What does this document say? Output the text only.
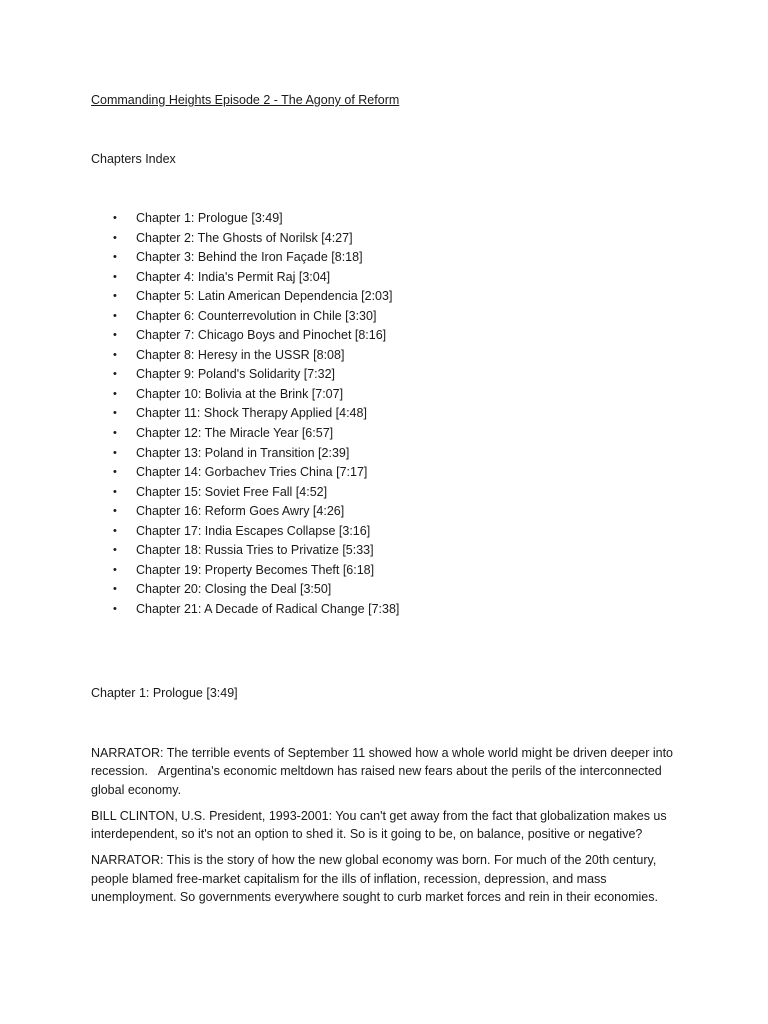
Commanding Heights Episode 2 - The Agony of Reform
Chapters Index
• Chapter 1: Prologue [3:49]
• Chapter 2: The Ghosts of Norilsk [4:27]
• Chapter 3: Behind the Iron Façade [8:18]
• Chapter 4: India's Permit Raj [3:04]
• Chapter 5: Latin American Dependencia [2:03]
• Chapter 6: Counterrevolution in Chile [3:30]
• Chapter 7: Chicago Boys and Pinochet [8:16]
• Chapter 8: Heresy in the USSR [8:08]
• Chapter 9: Poland's Solidarity [7:32]
• Chapter 10: Bolivia at the Brink [7:07]
• Chapter 11: Shock Therapy Applied [4:48]
• Chapter 12: The Miracle Year [6:57]
• Chapter 13: Poland in Transition [2:39]
• Chapter 14: Gorbachev Tries China [7:17]
• Chapter 15: Soviet Free Fall [4:52]
• Chapter 16: Reform Goes Awry [4:26]
• Chapter 17: India Escapes Collapse [3:16]
• Chapter 18: Russia Tries to Privatize [5:33]
• Chapter 19: Property Becomes Theft [6:18]
• Chapter 20: Closing the Deal [3:50]
• Chapter 21: A Decade of Radical Change [7:38]
Chapter 1: Prologue [3:49]

NARRATOR: The terrible events of September 11 showed how a whole world might be driven deeper into recession.   Argentina's economic meltdown has raised new fears about the perils of the interconnected global economy.

BILL CLINTON, U.S. President, 1993-2001: You can't get away from the fact that globalization makes us interdependent, so it's not an option to shed it. So is it going to be, on balance, positive or negative?

NARRATOR: This is the story of how the new global economy was born. For much of the 20th century, people blamed free-market capitalism for the ills of inflation, recession, depression, and mass unemployment. So governments everywhere sought to curb market forces and rein in their economies.
